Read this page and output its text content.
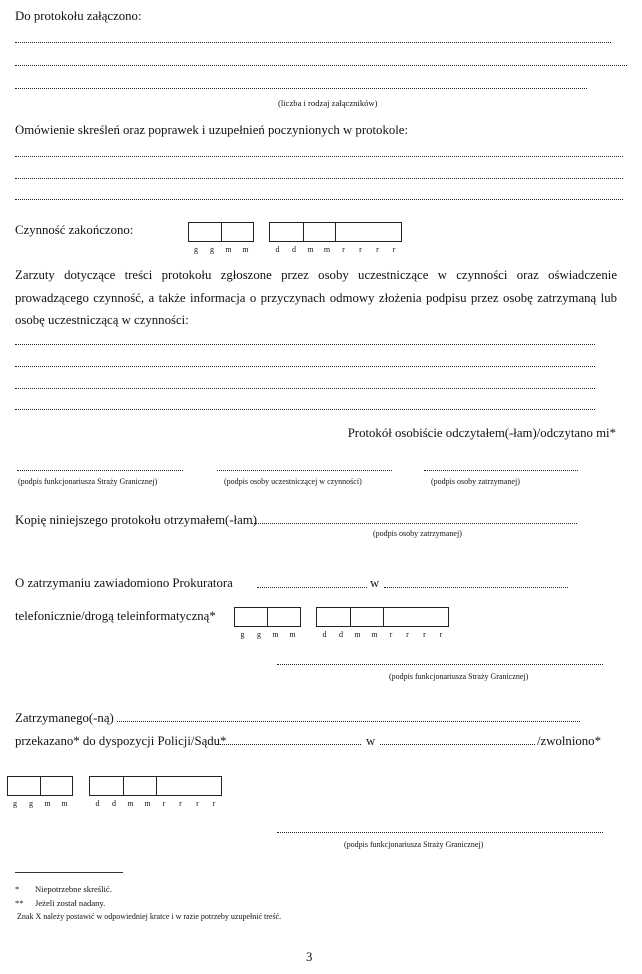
Do protokołu załączono:
(liczba i rodzaj załączników)
Omówienie skreśleń oraz poprawek i uzupełnień poczynionych w protokole:
Czynność zakończono:
g	g	m	m	d	d	m	m	r	r	r	r
Zarzuty dotyczące treści protokołu zgłoszone przez osoby uczestniczące w czynności oraz oświadczenie
prowadzącego czynność, a także informacja o przyczynach odmowy złożenia podpisu przez osobę zatrzymaną lub
osobę uczestniczącą w czynności:
Protokół osobiście odczytałem(-łam)/odczytano mi*
(podpis funkcjonariusza Straży Granicznej)	(podpis osoby uczestniczącej w czynności)	(podpis osoby zatrzymanej)
Kopię niniejszego protokołu otrzymałem(-łam)
(podpis osoby zatrzymanej)
O zatrzymaniu zawiadomiono Prokuratora	w
telefonicznie/drogą teleinformatyczną*
g	g	m	m	d	d	m	m	r	r	r	r
(podpis funkcjonariusza Straży Granicznej)
Zatrzymanego(-ną)
przekazano* do dyspozycji Policji/Sądu*	w	/zwolniono*
g	g	m	m	d	d	m	m	r	r	r	r
(podpis funkcjonariusza Straży Granicznej)
* Niepotrzebne skreślić.
** Jeżeli został nadany.
Znak X należy postawić w odpowiedniej kratce i w razie potrzeby uzupełnić treść.
3
